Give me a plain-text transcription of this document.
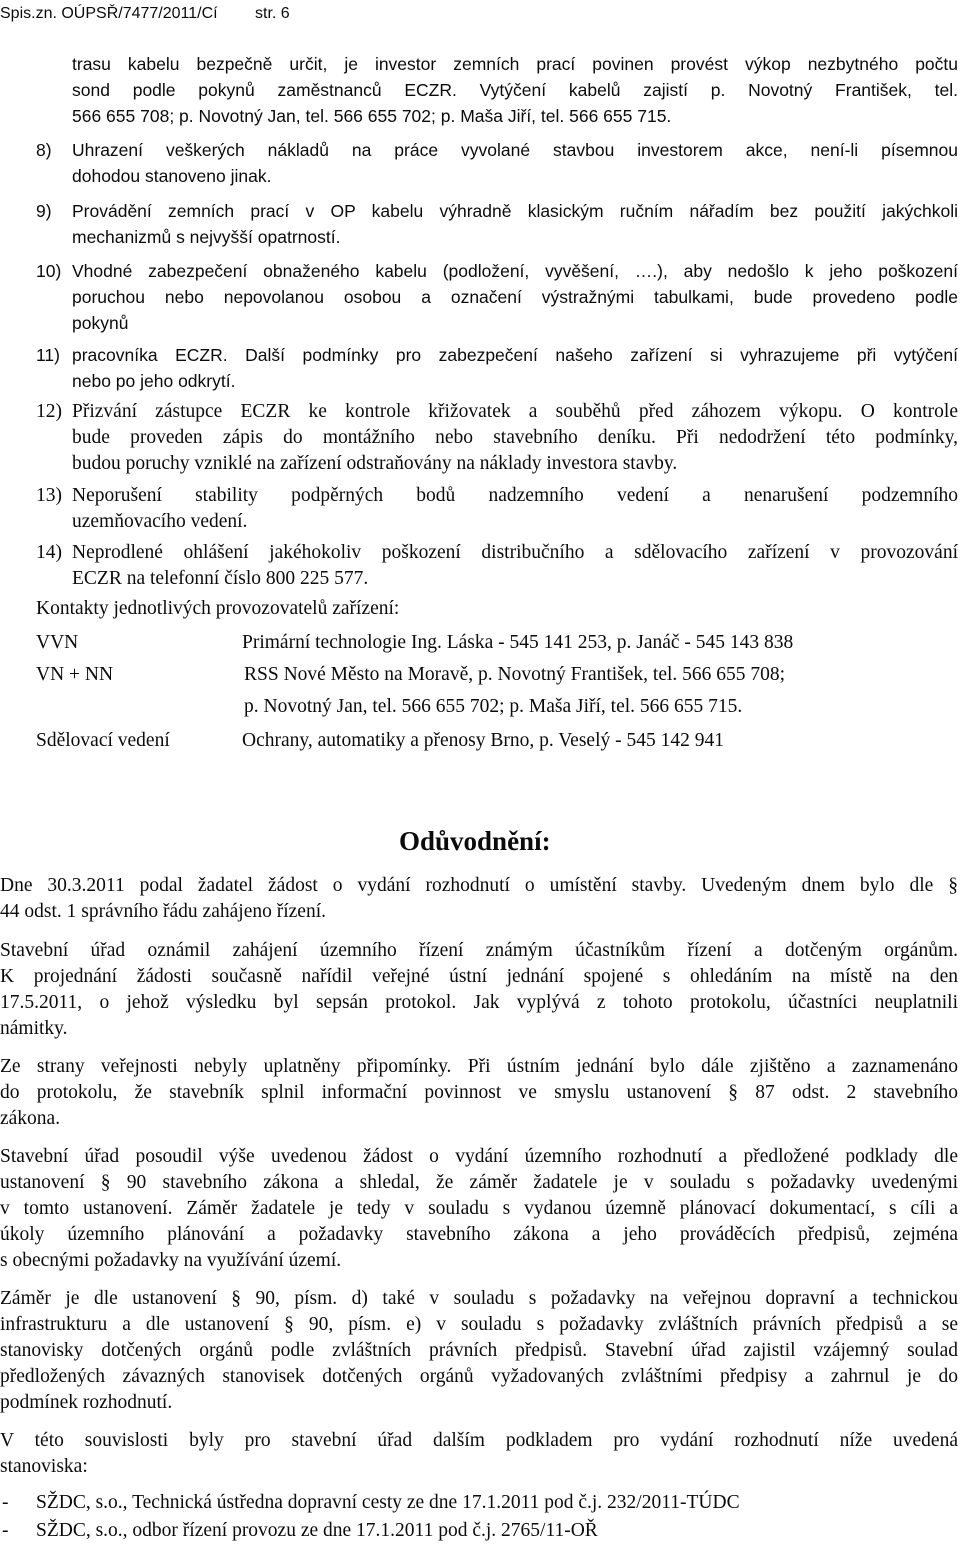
Spis.zn. OÚPSŘ/7477/2011/Cí str. 6
trasu kabelu bezpečně určit, je investor zemních prací povinen provést výkop nezbytného počtu
sond podle pokynů zaměstnanců ECZR. Vytýčení kabelů zajistí p. Novotný František, tel.
566 655 708; p. Novotný Jan, tel. 566 655 702; p. Maša Jiří, tel. 566 655 715.
8) Uhrazení veškerých nákladů na práce vyvolané stavbou investorem akce, není-li písemnou
dohodou stanoveno jinak.
9) Provádění zemních prací v OP kabelu výhradně klasickým ručním nářadím bez použití jakýchkoli
mechanizmů s nejvyšší opatrností.
10) Vhodné zabezpečení obnaženého kabelu (podložení, vyvěšení, ….), aby nedošlo k jeho poškození
poruchou nebo nepovolanou osobou a označení výstražnými tabulkami, bude provedeno podle
pokynů
11) pracovníka ECZR. Další podmínky pro zabezpečení našeho zařízení si vyhrazujeme při vytýčení
nebo po jeho odkrytí.
12) Přizvání zástupce ECZR ke kontrole křižovatek a souběhů před záhozem výkopu. O kontrole
bude proveden zápis do montážního nebo stavebního deníku. Při nedodržení této podmínky,
budou poruchy vzniklé na zařízení odstraňovány na náklady investora stavby.
13) Neporušení stability podpěrných bodů nadzemního vedení a nenarušení podzemního
uzemňovacího vedení.
14) Neprodlené ohlášení jakéhokoliv poškození distribučního a sdělovacího zařízení v provozování
ECZR na telefonní číslo 800 225 577.
Kontakty jednotlivých provozovatelů zařízení:
VVN	Primární technologie Ing. Láska - 545 141 253, p. Janáč - 545 143 838
VN + NN	RSS Nové Město na Moravě, p. Novotný František, tel. 566 655 708;
p. Novotný Jan, tel. 566 655 702; p. Maša Jiří, tel. 566 655 715.
Sdělovací vedení	Ochrany, automatiky a přenosy Brno, p. Veselý - 545 142 941
Odůvodnění:
Dne 30.3.2011 podal žadatel žádost o vydání rozhodnutí o umístění stavby. Uvedeným dnem bylo dle §
44 odst. 1 správního řádu zahájeno řízení.
Stavební úřad oznámil zahájení územního řízení známým účastníkům řízení a dotčeným orgánům.
K projednání žádosti současně nařídil veřejné ústní jednání spojené s ohledáním na místě na den
17.5.2011, o jehož výsledku byl sepsán protokol. Jak vyplývá z tohoto protokolu, účastníci neuplatnili
námitky.
Ze strany veřejnosti nebyly uplatněny připomínky. Při ústním jednání bylo dále zjištěno a zaznamenáno
do protokolu, že stavebník splnil informační povinnost ve smyslu ustanovení § 87 odst. 2 stavebního
zákona.
Stavební úřad posoudil výše uvedenou žádost o vydání územního rozhodnutí a předložené podklady dle
ustanovení § 90 stavebního zákona a shledal, že záměr žadatele je v souladu s požadavky uvedenými
v tomto ustanovení. Záměr žadatele je tedy v souladu s vydanou územně plánovací dokumentací, s cíli a
úkoly územního plánování a požadavky stavebního zákona a jeho prováděcích předpisů, zejména
s obecnými požadavky na využívání území.
Záměr je dle ustanovení § 90, písm. d) také v souladu s požadavky na veřejnou dopravní a technickou
infrastrukturu a dle ustanovení § 90, písm. e) v souladu s požadavky zvláštních právních předpisů a se
stanovisky dotčených orgánů podle zvláštních právních předpisů. Stavební úřad zajistil vzájemný soulad
předložených závazných stanovisek dotčených orgánů vyžadovaných zvláštními předpisy a zahrnul je do
podmínek rozhodnutí.
V této souvislosti byly pro stavební úřad dalším podkladem pro vydání rozhodnutí níže uvedená
stanoviska:
- SŽDC, s.o., Technická ústředna dopravní cesty ze dne 17.1.2011 pod č.j. 232/2011-TÚDC
- SŽDC, s.o., odbor řízení provozu ze dne 17.1.2011 pod č.j. 2765/11-OŘ
